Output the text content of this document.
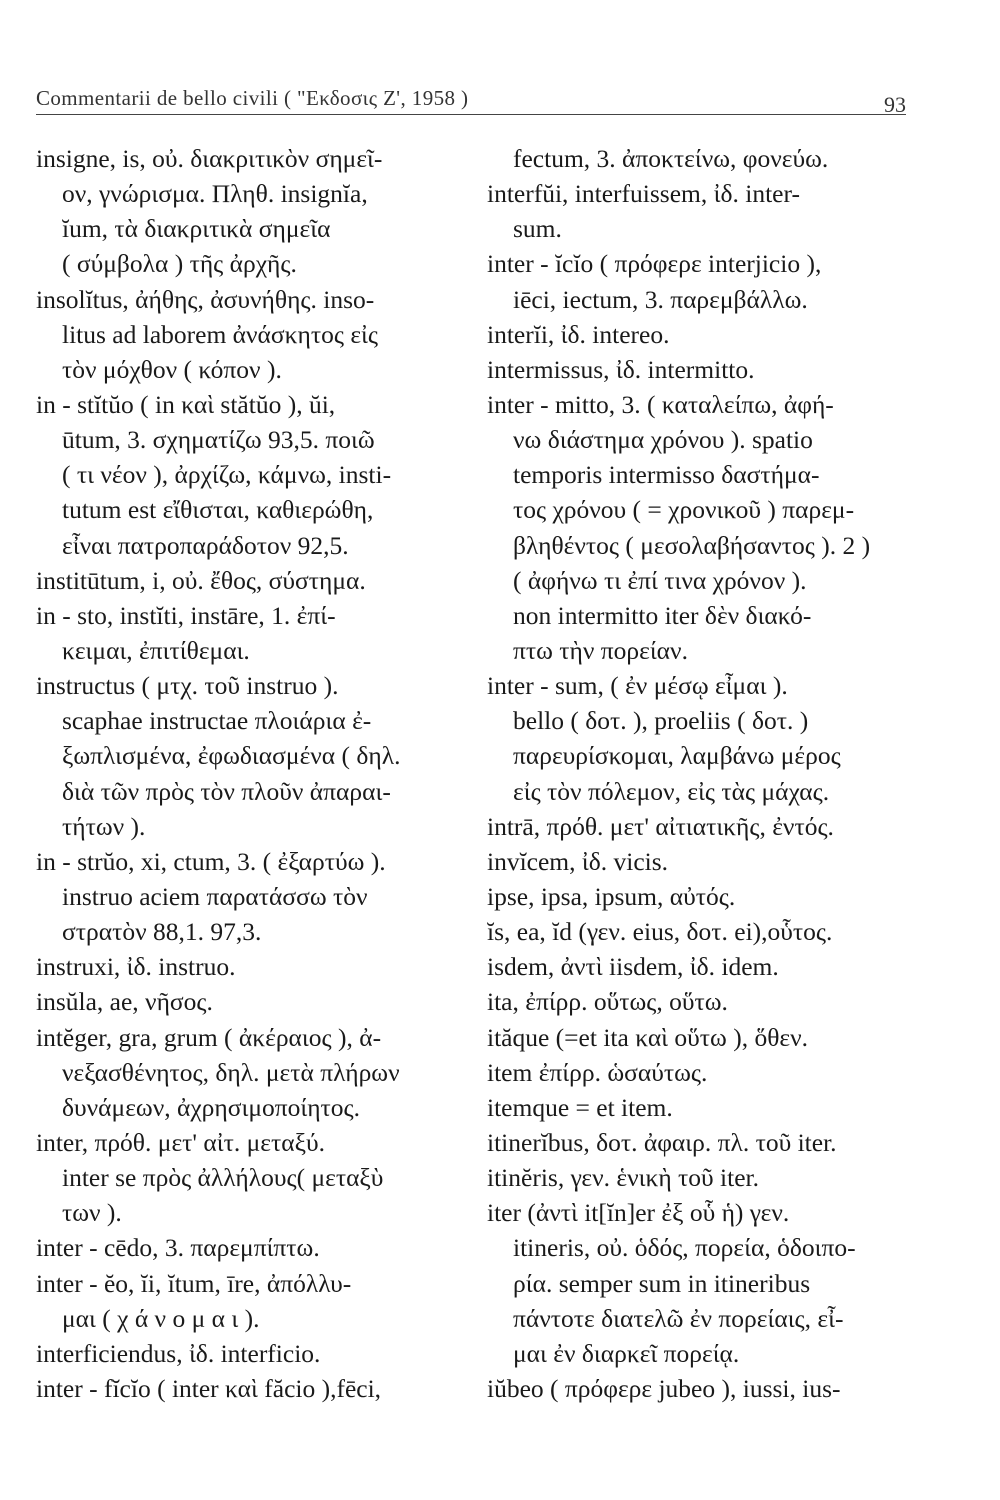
Commentarii de bello civili ( "Εκδοσις Ζ', 1958 )	93
insigne, is, οὐ. διακριτικὸν σημεῖ-
ον, γνώρισμα. Πληθ. insignĭa,
ĭum, τὰ διακριτικὰ σημεῖα
( σύμβολα ) τῆς ἀρχῆς.
insolĭtus, ἀήθης, ἀσυνήθης. inso-
litus ad laborem ἀνάσκητος εἰς
τὸν μόχθον ( κόπον ).
in - stĭtŭo ( in καὶ stătŭo ), ŭi,
ūtum, 3. σχηματίζω 93,5. ποιῶ
( τι νέον ), ἀρχίζω, κάμνω, insti-
tutum est εἴθισται, καθιερώθη,
εἶναι πατροπαράδοτον 92,5.
institūtum, i, οὐ. ἔθος, σύστημα.
in - sto, instĭti, instāre, 1. ἐπί-
κειμαι, ἐπιτίθεμαι.
instructus ( μτχ. τοῦ instruo ).
scaphae instructae πλοιάρια ἐ-
ξωπλισμένα, ἐφωδιασμένα ( δηλ.
διὰ τῶν πρὸς τὸν πλοῦν ἀπαραι-
τήτων ).
in - strŭo, xi, ctum, 3. ( ἐξαρτύω ).
instruo aciem παρατάσσω τὸν
στρατὸν 88,1. 97,3.
instruxi, ἰδ. instruo.
insŭla, ae, νῆσος.
intĕger, gra, grum ( ἀκέραιος ), ἀ-
νεξασθένητος, δηλ. μετὰ πλήρων
δυνάμεων, ἀχρησιμοποίητος.
inter, πρόθ. μετ' αἰτ. μεταξύ.
inter se πρὸς ἀλλήλους( μεταξὺ
των ).
inter - cēdo, 3. παρεμπίπτω.
inter - ĕo, ĭi, ĭtum, īre, ἀπόλλυ-
μαι ( χ ά ν ο μ α ι ).
interficiendus, ἰδ. interficio.
inter - fĭcĭo ( inter καὶ făcio ),fēci,
fectum, 3. ἀποκτείνω, φονεύω.
interfŭi, interfuissem, ἰδ. inter-
sum.
inter - ĭcĭo ( πρόφερε interjicio ),
iēci, iectum, 3. παρεμβάλλω.
interĭi, ἰδ. intereo.
intermissus, ἰδ. intermitto.
inter - mitto, 3. ( καταλείπω, ἀφή-
νω διάστημα χρόνου ). spatio
temporis intermisso δαστήμα-
τος χρόνου ( = χρονικοῦ ) παρεμ-
βληθέντος ( μεσολαβήσαντος ). 2 )
( ἀφήνω τι ἐπί τινα χρόνον ).
non intermitto iter δὲν διακό-
πτω τὴν πορείαν.
inter - sum, ( ἐν μέσῳ εἶμαι ).
bello ( δοτ. ), proeliis ( δοτ. )
παρευρίσκομαι, λαμβάνω μέρος
εἰς τὸν πόλεμον, εἰς τὰς μάχας.
intrā, πρόθ. μετ' αἰτιατικῆς, ἐντός.
invĭcem, ἰδ. vicis.
ipse, ipsa, ipsum, αὐτός.
ĭs, ea, ĭd (γεν. eius, δοτ. ei),οὗτος.
isdem, ἀντὶ iisdem, ἰδ. idem.
ita, ἐπίρρ. οὕτως, οὕτω.
ităque (=et ita καὶ οὕτω ), ὅθεν.
item ἐπίρρ. ὡσαύτως.
itemque = et item.
itinerĭbus, δοτ. ἀφαιρ. πλ. τοῦ iter.
itinĕris, γεν. ἑνικὴ τοῦ iter.
iter (ἀντὶ it[ĭn]er ἐξ οὗ ἡ) γεν.
itineris, οὐ. ὁδός, πορεία, ὁδοιπο-
ρία. semper sum in itineribus
πάντοτε διατελῶ ἐν πορείαις, εἶ-
μαι ἐν διαρκεῖ πορείᾳ.
iŭbeo ( πρόφερε jubeo ), iussi, ius-
